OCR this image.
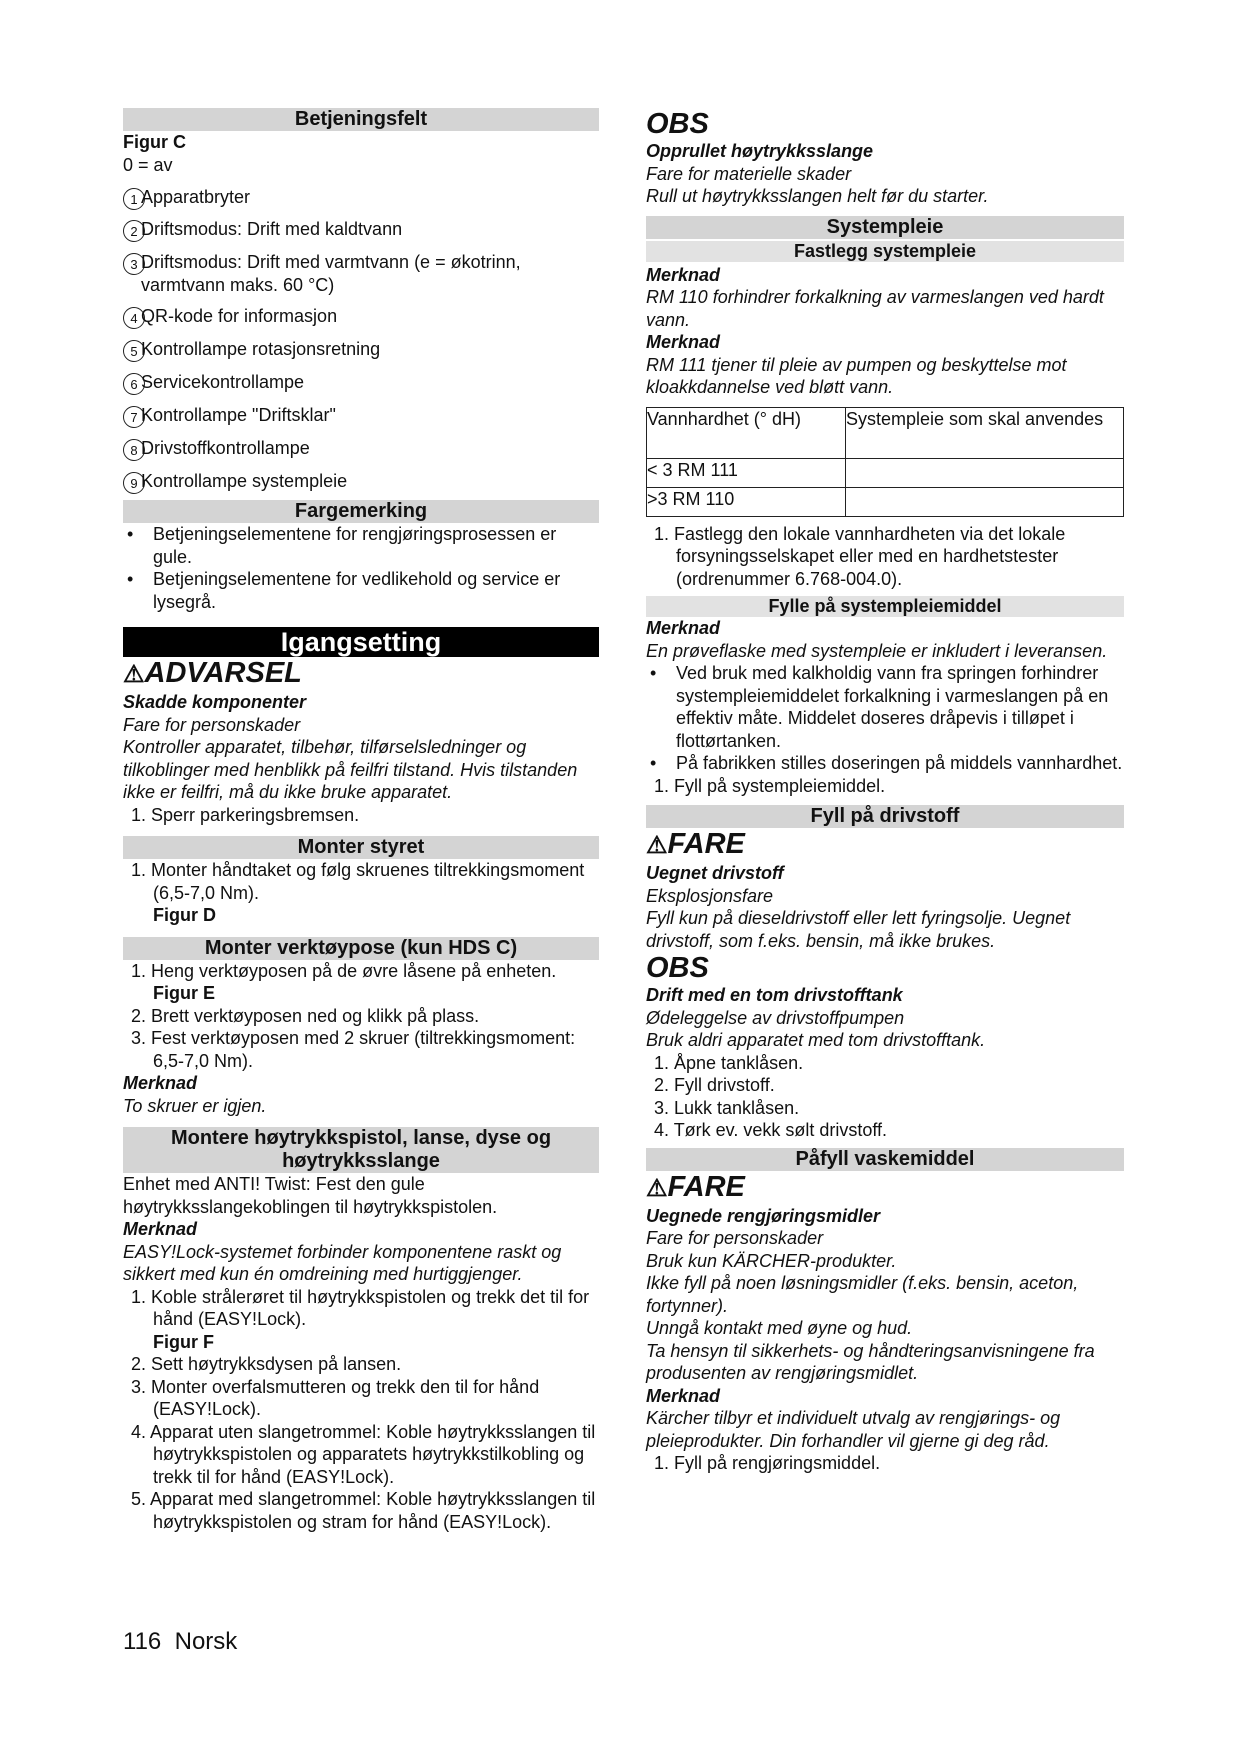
Betjeningsfelt

Figur C

0 = av

1 Apparatbryter
2 Driftsmodus: Drift med kaldtvann
3 Driftsmodus: Drift med varmtvann (e = økotrinn, varmtvann maks. 60 °C)
4 QR-kode for informasjon
5 Kontrollampe rotasjonsretning
6 Servicekontrollampe
7 Kontrollampe "Driftsklar"
8 Drivstoffkontrollampe
9 Kontrollampe systempleie
Fargemerking

• Betjeningselementene for rengjøringsprosessen er gule.

• Betjeningselementene for vedlikehold og service er lysegrå.

Igangsetting

⚠ADVARSEL

Skadde komponenter

Fare for personskader

Kontroller apparatet, tilbehør, tilførselsledninger og tilkoblinger med henblikk på feilfri tilstand. Hvis tilstanden ikke er feilfri, må du ikke bruke apparatet.

1. Sperr parkeringsbremsen.

Monter styret

1. Monter håndtaket og følg skruenes tiltrekkingsmoment (6,5-7,0 Nm).

Figur D

Monter verktøypose (kun HDS C)

1. Heng verktøyposen på de øvre låsene på enheten.

Figur E

2. Brett verktøyposen ned og klikk på plass.

3. Fest verktøyposen med 2 skruer (tiltrekkingsmoment: 6,5-7,0 Nm).

Merknad

To skruer er igjen.

Montere høytrykkspistol, lanse, dyse og høytrykksslange

Enhet med ANTI! Twist: Fest den gule høytrykksslangekoblingen til høytrykkspistolen.

Merknad

EASY!Lock-systemet forbinder komponentene raskt og sikkert med kun én omdreining med hurtiggjenger.

1. Koble strålerøret til høytrykkspistolen og trekk det til for hånd (EASY!Lock).

Figur F

2. Sett høytrykksdysen på lansen.

3. Monter overfalsmutteren og trekk den til for hånd (EASY!Lock).

4. Apparat uten slangetrommel: Koble høytrykksslangen til høytrykkspistolen og apparatets høytrykkstilkobling og trekk til for hånd (EASY!Lock).

5. Apparat med slangetrommel: Koble høytrykksslangen til høytrykkspistolen og stram for hånd (EASY!Lock).

OBS

Opprullet høytrykksslange

Fare for materielle skader

Rull ut høytrykksslangen helt før du starter.

Systempleie
Fastlegg systempleie

Merknad

RM 110 forhindrer forkalkning av varmeslangen ved hardt vann.

Merknad

RM 111 tjener til pleie av pumpen og beskyttelse mot kloakkdannelse ved bløtt vann.

Vannhardhet (° dH)	Systempleie som skal anvendes
< 3 RM 111	
>3 RM 110	

1. Fastlegg den lokale vannhardheten via det lokale forsyningsselskapet eller med en hardhetstester (ordrenummer 6.768-004.0).

Fylle på systempleiemiddel

Merknad

En prøveflaske med systempleie er inkludert i leveransen.

• Ved bruk med kalkholdig vann fra springen forhindrer systempleiemiddelet forkalkning i varmeslangen på en effektiv måte. Middelet doseres dråpevis i tilløpet i flottørtanken.

• På fabrikken stilles doseringen på middels vannhardhet.

1. Fyll på systempleiemiddel.

Fyll på drivstoff

⚠FARE

Uegnet drivstoff

Eksplosjonsfare

Fyll kun på dieseldrivstoff eller lett fyringsolje. Uegnet drivstoff, som f.eks. bensin, må ikke brukes.

OBS

Drift med en tom drivstofftank

Ødeleggelse av drivstoffpumpen

Bruk aldri apparatet med tom drivstofftank.

1. Åpne tanklåsen.

2. Fyll drivstoff.

3. Lukk tanklåsen.

4. Tørk ev. vekk sølt drivstoff.

Påfyll vaskemiddel

⚠FARE

Uegnede rengjøringsmidler

Fare for personskader

Bruk kun KÄRCHER-produkter.

Ikke fyll på noen løsningsmidler (f.eks. bensin, aceton, fortynner).

Unngå kontakt med øyne og hud.

Ta hensyn til sikkerhets- og håndteringsanvisningene fra produsenten av rengjøringsmidlet.

Merknad

Kärcher tilbyr et individuelt utvalg av rengjørings- og pleieprodukter. Din forhandler vil gjerne gi deg råd.

1. Fyll på rengjøringsmiddel.

116 Norsk
